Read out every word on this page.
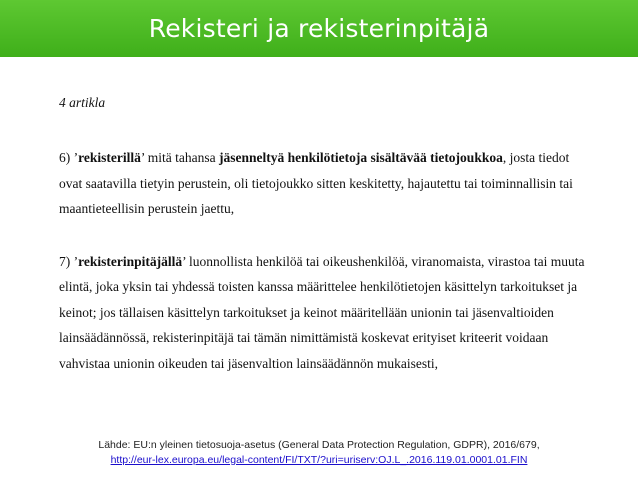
Rekisteri ja rekisterinpitäjä

4 artikla

6) ’rekisterillä’ mitä tahansa jäsenneltyä henkilötietoja sisältävää tietojoukkoa, josta tiedot ovat saatavilla tietyin perustein, oli tietojoukko sitten keskitetty, hajautettu tai toiminnallisin tai maantieteellisin perustein jaettu,

7) ’rekisterinpitäjällä’ luonnollista henkilöä tai oikeushenkilöä, viranomaista, virastoa tai muuta elintä, joka yksin tai yhdessä toisten kanssa määrittelee henkilötietojen käsittelyn tarkoitukset ja keinot; jos tällaisen käsittelyn tarkoitukset ja keinot määritellään unionin tai jäsenvaltioiden lainsäädännössä, rekisterinpitäjä tai tämän nimittämistä koskevat erityiset kriteerit voidaan vahvistaa unionin oikeuden tai jäsenvaltion lainsäädännön mukaisesti,

Lähde: EU:n yleinen tietosuoja-asetus (General Data Protection Regulation, GDPR), 2016/679,
http://eur-lex.europa.eu/legal-content/FI/TXT/?uri=uriserv:OJ.L_.2016.119.01.0001.01.FIN
